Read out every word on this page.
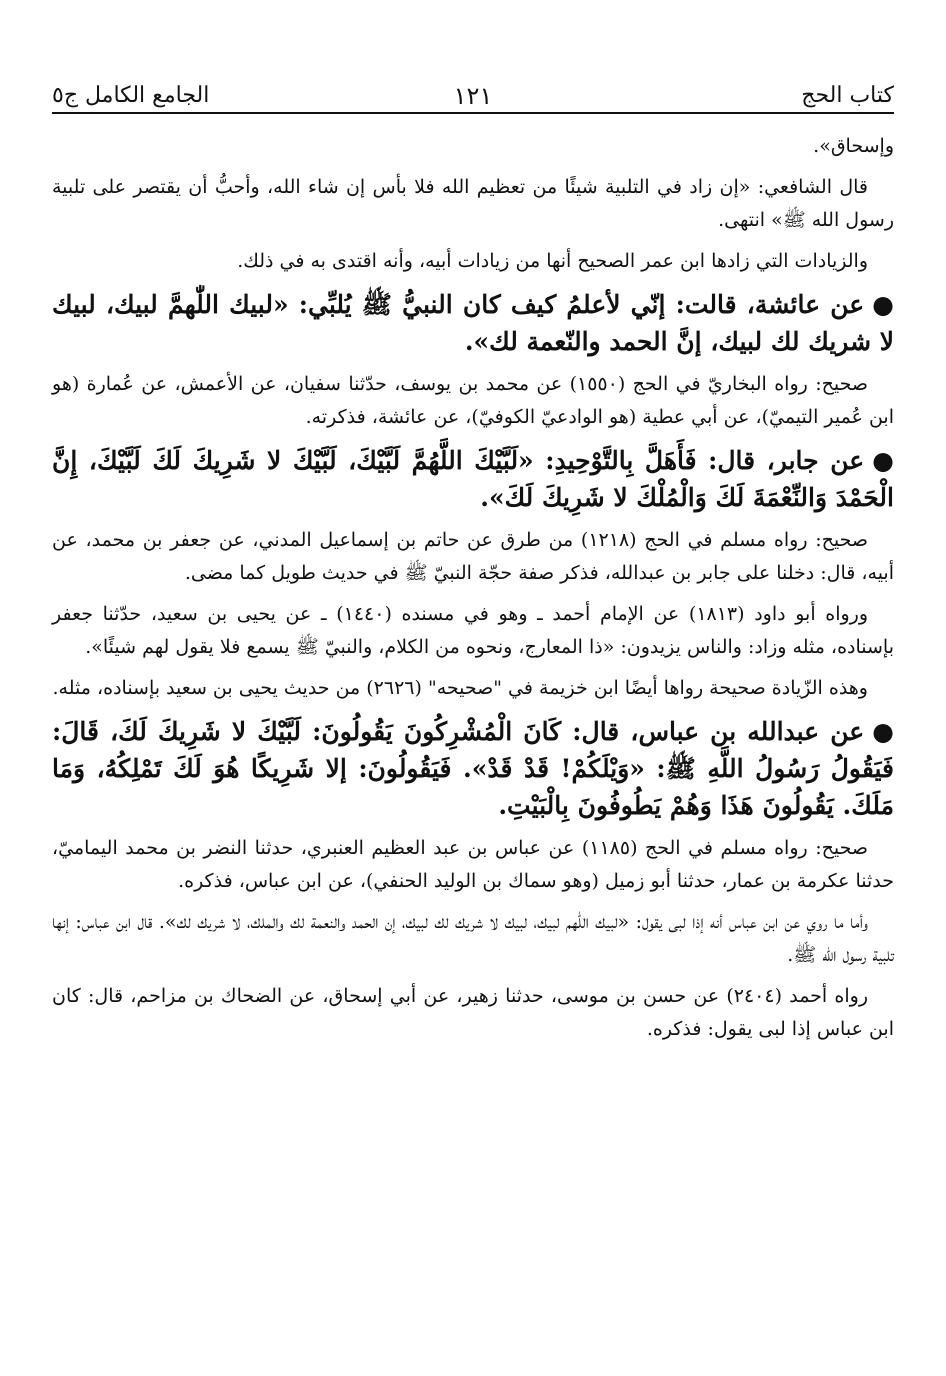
كتاب الحج
١٢١
الجامع الكامل ج٥

وإسحاق».

قال الشافعي: «إن زاد في التلبية شيئًا من تعظيم الله فلا بأس إن شاء الله، وأحبُّ أن يقتصر على تلبية رسول الله ﷺ» انتهى.

والزيادات التي زادها ابن عمر الصحيح أنها من زيادات أبيه، وأنه اقتدى به في ذلك.

●عن عائشة، قالت: إنّي لأعلمُ كيف كان النبيُّ ﷺ يُلبِّي: «لبيك اللّٰهمَّ لبيك، لبيك لا شريك لك لبيك، إنَّ الحمد والنّعمة لك».

صحيح: رواه البخاريّ في الحج (١٥٥٠) عن محمد بن يوسف، حدّثنا سفيان، عن الأعمش، عن عُمارة (هو ابن عُمير التيميّ)، عن أبي عطية (هو الوادعيّ الكوفيّ)، عن عائشة، فذكرته.

●عن جابر، قال: فَأَهَلَّ بِالتَّوْحِيدِ: «لَبَّيْكَ اللَّهُمَّ لَبَّيْكَ، لَبَّيْكَ لا شَرِيكَ لَكَ لَبَّيْكَ، إِنَّ الْحَمْدَ وَالنِّعْمَةَ لَكَ وَالْمُلْكَ لا شَرِيكَ لَكَ».

صحيح: رواه مسلم في الحج (١٢١٨) من طرق عن حاتم بن إسماعيل المدني، عن جعفر بن محمد، عن أبيه، قال: دخلنا على جابر بن عبدالله، فذكر صفة حجّة النبيّ ﷺ في حديث طويل كما مضى.

ورواه أبو داود (١٨١٣) عن الإمام أحمد ـ وهو في مسنده (١٤٤٠) ـ عن يحيى بن سعيد، حدّثنا جعفر بإسناده، مثله وزاد: والناس يزيدون: «ذا المعارج، ونحوه من الكلام، والنبيّ ﷺ يسمع فلا يقول لهم شيئًا».

وهذه الزّيادة صحيحة رواها أيضًا ابن خزيمة في "صحيحه" (٢٦٢٦) من حديث يحيى بن سعيد بإسناده، مثله.

●عن عبدالله بن عباس، قال: كَانَ الْمُشْرِكُونَ يَقُولُونَ: لَبَّيْكَ لا شَرِيكَ لَكَ، قَالَ: فَيَقُولُ رَسُولُ اللَّهِ ﷺ: «وَيْلَكُمْ! قَدْ قَدْ». فَيَقُولُونَ: إلا شَرِيكًا هُوَ لَكَ تَمْلِكُهُ، وَمَا مَلَكَ. يَقُولُونَ هَذَا وَهُمْ يَطُوفُونَ بِالْبَيْتِ.

صحيح: رواه مسلم في الحج (١١٨٥) عن عباس بن عبد العظيم العنبري، حدثنا النضر بن محمد اليماميّ، حدثنا عكرمة بن عمار، حدثنا أبو زميل (وهو سماك بن الوليد الحنفي)، عن ابن عباس، فذكره.

وأما ما روي عن ابن عباس أنه إذا لبى يقول: «لبيك اللّٰهم لبيك، لبيك لا شريك لك لبيك، إن الحمد والنعمة لك والملك، لا شريك لك». قال ابن عباس: إنها تلبية رسول الله ﷺ.

رواه أحمد (٢٤٠٤) عن حسن بن موسى، حدثنا زهير، عن أبي إسحاق، عن الضحاك بن مزاحم، قال: كان ابن عباس إذا لبى يقول: فذكره.
